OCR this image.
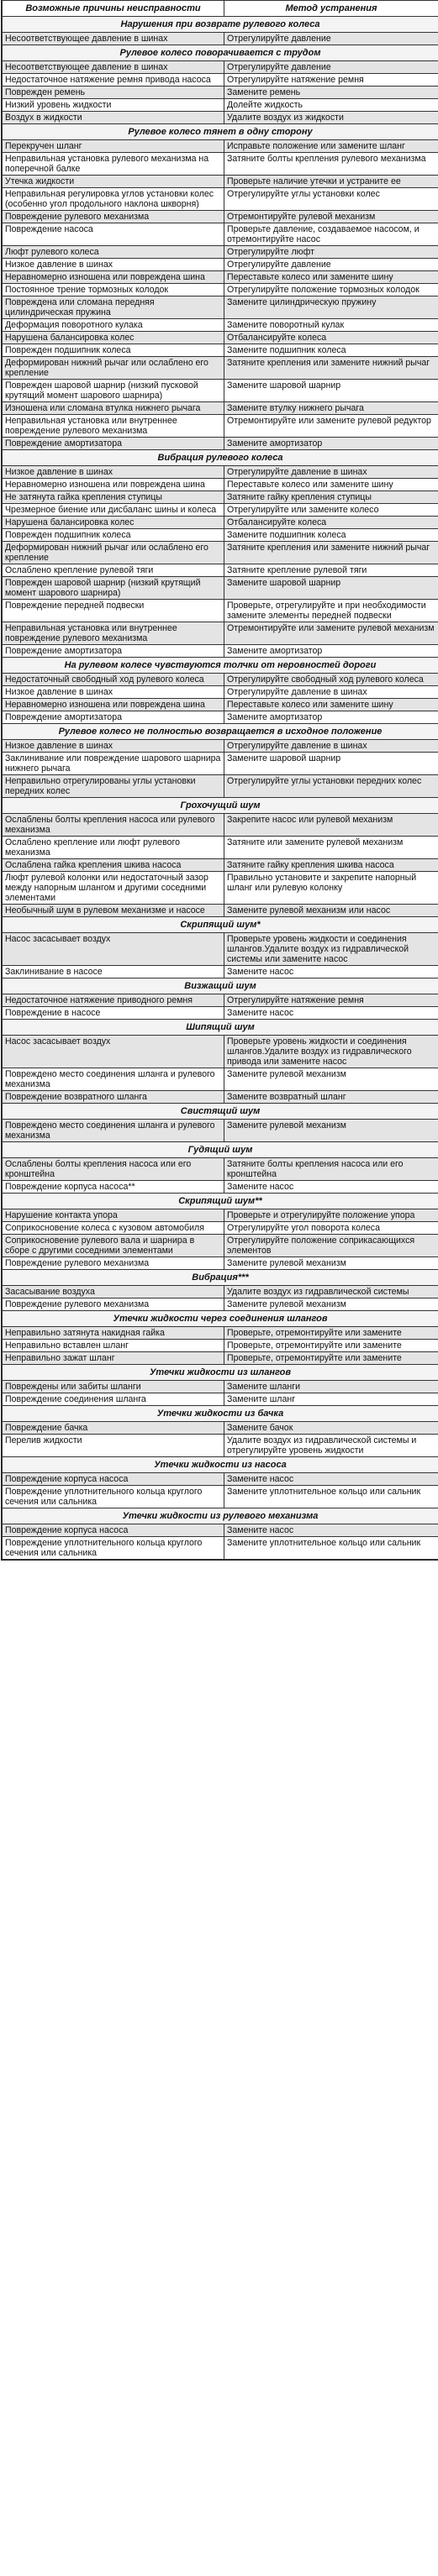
Возможные причины неисправности	Метод устранения
Нарушения при возврате рулевого колеса	
Несоответствующее давление в шинах	Отрегулируйте давление
Рулевое колесо поворачивается с трудом	
Несоответствующее давление в шинах	Отрегулируйте давление
Недостаточное натяжение ремня привода насоса	Отрегулируйте натяжение ремня
Поврежден ремень	Замените ремень
Низкий уровень жидкости	Долейте жидкость
Воздух в жидкости	Удалите воздух из жидкости
Рулевое колесо тянет в одну сторону	
Перекручен шланг	Исправьте положение или замените шланг
Неправильная установка рулевого механизма на поперечной балке	Затяните болты крепления рулевого механизма
Утечка жидкости	Проверьте наличие утечки и устраните ее
Неправильная регулировка углов установки колес (особенно угол продольного наклона шкворня)	Отрегулируйте углы установки колес
Повреждение рулевого механизма	Отремонтируйте рулевой механизм
Повреждение насоса	Проверьте давление, создаваемое насосом, и отремонтируйте насос
Люфт рулевого колеса	Отрегулируйте люфт
Низкое давление в шинах	Отрегулируйте давление
Неравномерно изношена или повреждена шина	Переставьте колесо или замените шину
Постоянное трение тормозных колодок	Отрегулируйте положение тормозных колодок
Повреждена или сломана передняя цилиндрическая пружина	Замените цилиндрическую пружину
Деформация поворотного кулака	Замените поворотный кулак
Нарушена балансировка колес	Отбалансируйте колеса
Поврежден подшипник колеса	Замените подшипник колеса
Деформирован нижний рычаг или ослаблено его крепление	Затяните крепления или замените нижний рычаг
Поврежден шаровой шарнир (низкий пусковой крутящий момент шарового шарнира)	Замените шаровой шарнир
Изношена или сломана втулка нижнего рычага	Замените втулку нижнего рычага
Неправильная установка или внутреннее повреждение рулевого механизма	Отремонтируйте или замените рулевой редуктор
Повреждение амортизатора	Замените амортизатор
Вибрация рулевого колеса	
Низкое давление в шинах	Отрегулируйте давление в шинах
Неравномерно изношена или повреждена шина	Переставьте колесо или замените шину
Не затянута гайка крепления ступицы	Затяните гайку крепления ступицы
Чрезмерное биение или дисбаланс шины и колеса	Отрегулируйте или замените колесо
Нарушена балансировка колес	Отбалансируйте колеса
Поврежден подшипник колеса	Замените подшипник колеса
Деформирован нижний рычаг или ослаблено его крепление	Затяните крепления или замените нижний рычаг
Ослаблено крепление рулевой тяги	Затяните крепление рулевой тяги
Поврежден шаровой шарнир (низкий крутящий момент шарового шарнира)	Замените шаровой шарнир
Повреждение передней подвески	Проверьте, отрегулируйте и при необходимости замените элементы передней подвески
Неправильная установка или внутреннее повреждение рулевого механизма	Отремонтируйте или замените рулевой механизм
Повреждение амортизатора	Замените амортизатор
На рулевом колесе чувствуются толчки от неровностей дороги	
Недостаточный свободный ход рулевого колеса	Отрегулируйте свободный ход рулевого колеса
Низкое давление в шинах	Отрегулируйте давление в шинах
Неравномерно изношена или повреждена шина	Переставьте колесо или замените шину
Повреждение амортизатора	Замените амортизатор
Рулевое колесо не полностью возвращается в исходное положение	
Низкое давление в шинах	Отрегулируйте давление в шинах
Заклинивание или повреждение шарового шарнира нижнего рычага	Замените шаровой шарнир
Неправильно отрегулированы углы установки передних колес	Отрегулируйте углы установки передних колес
Грохочущий шум	
Ослаблены болты крепления насоса или рулевого механизма	Закрепите насос или рулевой механизм
Ослаблено крепление или люфт рулевого механизма	Затяните или замените рулевой механизм
Ослаблена гайка крепления шкива насоса	Затяните гайку крепления шкива насоса
Люфт рулевой колонки или недостаточный зазор между напорным шлангом и другими соседними элементами	Правильно установите и закрепите напорный шланг или рулевую колонку
Необычный шум в рулевом механизме и насосе	Замените рулевой механизм или насос
Скрипящий шум*	
Насос засасывает воздух	Проверьте уровень жидкости и соединения шлангов.Удалите воздух из гидравлической системы или замените насос
Заклинивание в насосе	Замените насос
Визжащий шум	
Недостаточное натяжение приводного ремня	Отрегулируйте натяжение ремня
Повреждение в насосе	Замените насос
Шипящий шум	
Насос засасывает воздух	Проверьте уровень жидкости и соединения шлангов.Удалите воздух из гидравлического привода или замените насос
Повреждено место соединения шланга и рулевого механизма	Замените рулевой механизм
Повреждение возвратного шланга	Замените возвратный шланг
Свистящий шум	
Повреждено место соединения шланга и рулевого механизма	Замените рулевой механизм
Гудящий шум	
Ослаблены болты крепления насоса или его кронштейна	Затяните болты крепления насоса или его кронштейна
Повреждение корпуса насоса**	Замените насос
Скрипящий шум**	
Нарушение контакта упора	Проверьте и отрегулируйте положение упора
Соприкосновение колеса с кузовом автомобиля	Отрегулируйте угол поворота колеса
Соприкосновение рулевого вала и шарнира в сборе с другими соседними элементами	Отрегулируйте положение соприкасающихся элементов
Повреждение рулевого механизма	Замените рулевой механизм
Вибрация***	
Засасывание воздуха	Удалите воздух из гидравлической системы
Повреждение рулевого механизма	Замените рулевой механизм
Утечки жидкости через соединения шлангов	
Неправильно затянута накидная гайка	Проверьте, отремонтируйте или замените
Неправильно вставлен шланг	Проверьте, отремонтируйте или замените
Неправильно зажат шланг	Проверьте, отремонтируйте или замените
Утечки жидкости из шлангов	
Повреждены или забиты шланги	Замените шланги
Повреждение соединения шланга	Замените шланг
Утечки жидкости из бачка	
Повреждение бачка	Замените бачок
Перелив жидкости	Удалите воздух из гидравлической системы и отрегулируйте уровень жидкости
Утечки жидкости из насоса	
Повреждение корпуса насоса	Замените насос
Повреждение уплотнительного кольца круглого сечения или сальника	Замените уплотнительное кольцо или сальник
Утечки жидкости из рулевого механизма	
Повреждение корпуса насоса	Замените насос
Повреждение уплотнительного кольца круглого сечения или сальника	Замените уплотнительное кольцо или сальник
